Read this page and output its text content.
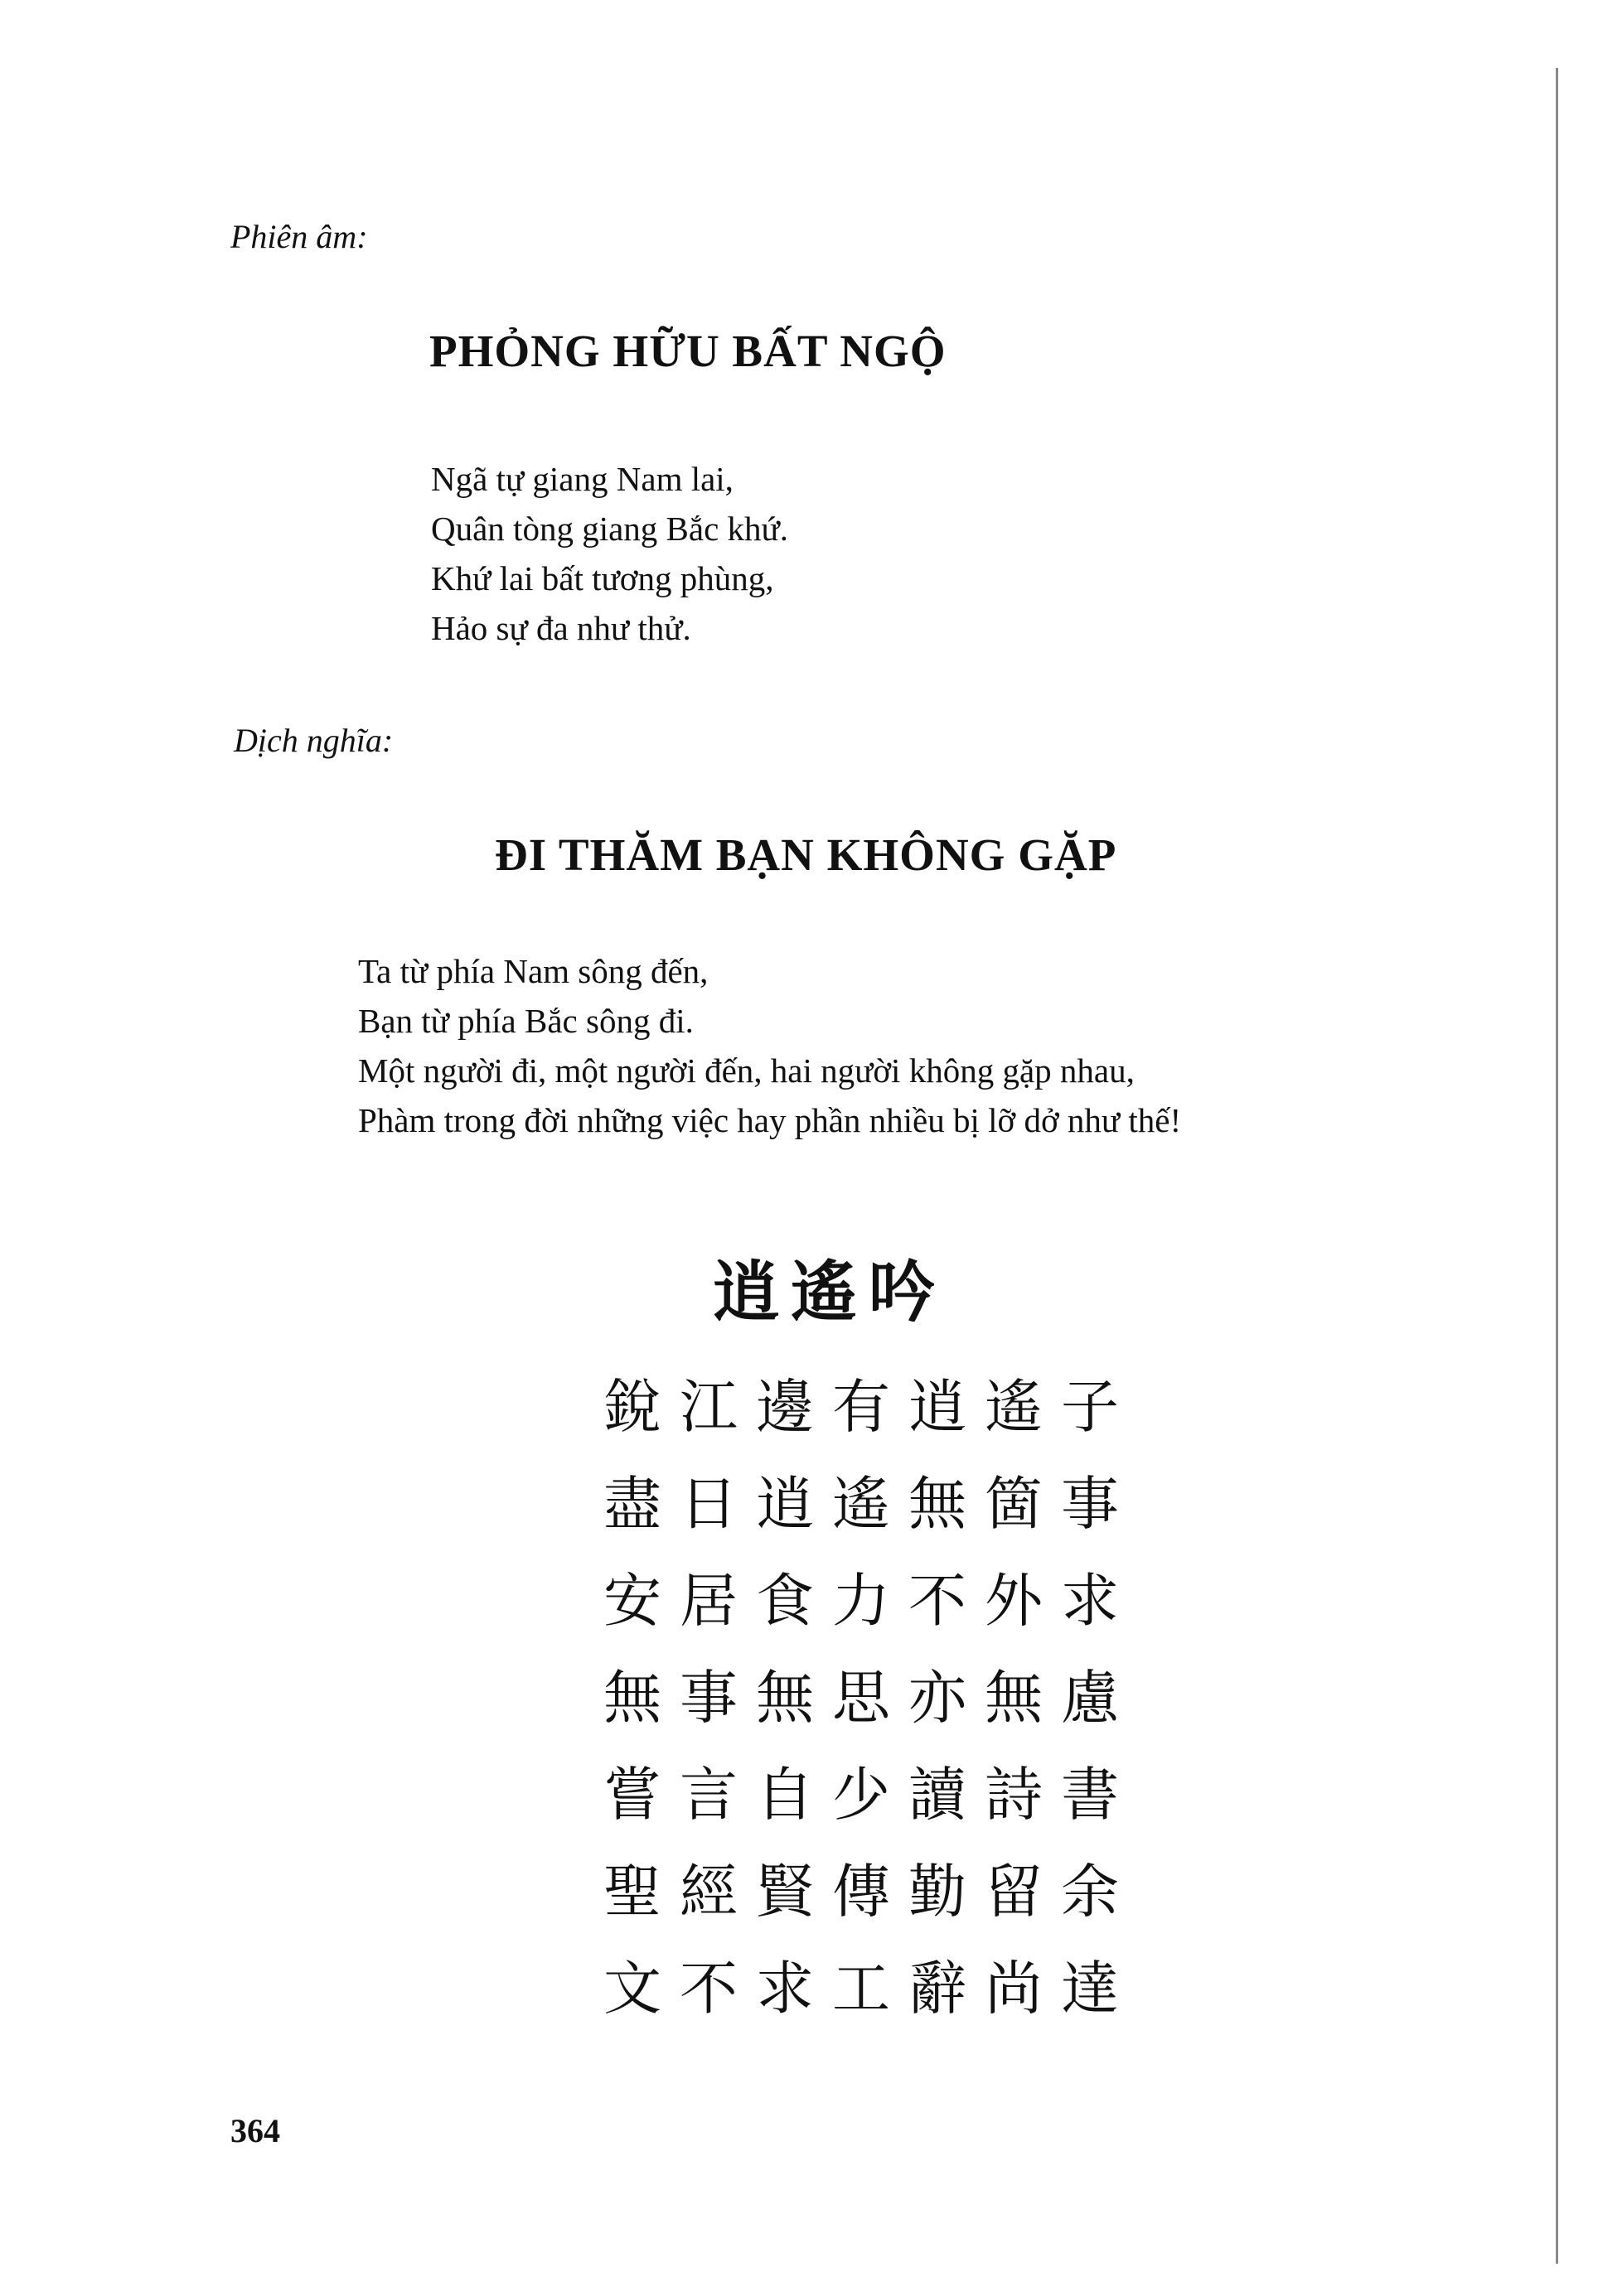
Phiên âm:
PHỎNG HỮU BẤT NGỘ
Ngã tự giang Nam lai,
Quân tòng giang Bắc khứ.
Khứ lai bất tương phùng,
Hảo sự đa như thử.
Dịch nghĩa:
ĐI THĂM BẠN KHÔNG GẶP
Ta từ phía Nam sông đến,
Bạn từ phía Bắc sông đi.
Một người đi, một người đến, hai người không gặp nhau,
Phàm trong đời những việc hay phần nhiều bị lỡ dở như thế!
逍遙吟
銳江邊有逍遙子
盡日逍遙無箇事
安居食力不外求
無事無思亦無慮
嘗言自少讀詩書
聖經賢傳勤留余
文不求工辭尚達
364
